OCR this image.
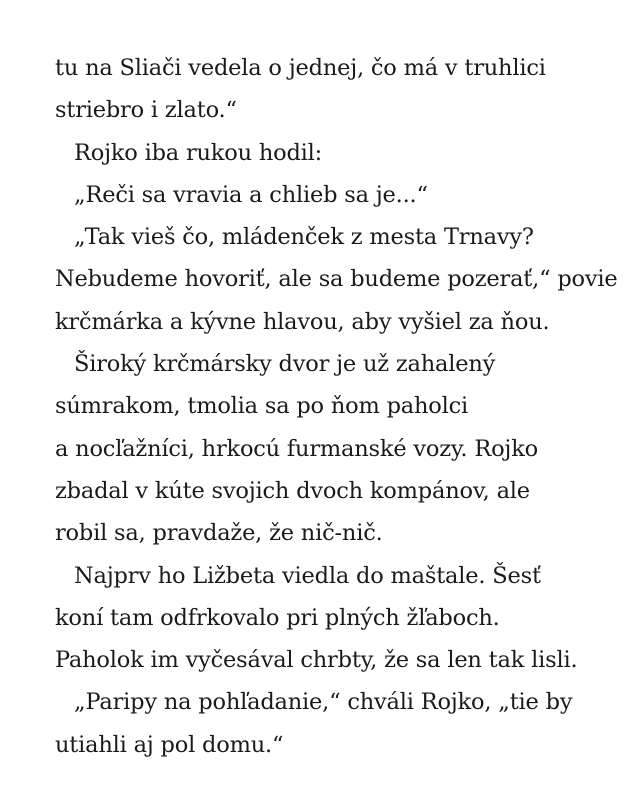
tu na Sliači vedela o jednej, čo má v truhlici
striebro i zlato.“
Rojko iba rukou hodil:
„Reči sa vravia a chlieb sa je...“
„Tak vieš čo, mládenček z mesta Trnavy?
Nebudeme hovoriť, ale sa budeme pozerať,“ povie
krčmárka a kývne hlavou, aby vyšiel za ňou.
Široký krčmársky dvor je už zahalený
súmrakom, tmolia sa po ňom paholci
a nocľažníci, hrkocú furmanské vozy. Rojko
zbadal v kúte svojich dvoch kompánov, ale
robil sa, pravdaže, že nič-nič.
Najprv ho Ližbeta viedla do maštale. Šesť
koní tam odfrkovalo pri plných žľaboch.
Paholok im vyčesával chrbty, že sa len tak lisli.
„Paripy na pohľadanie,“ chváli Rojko, „tie by
utiahli aj pol domu.“
